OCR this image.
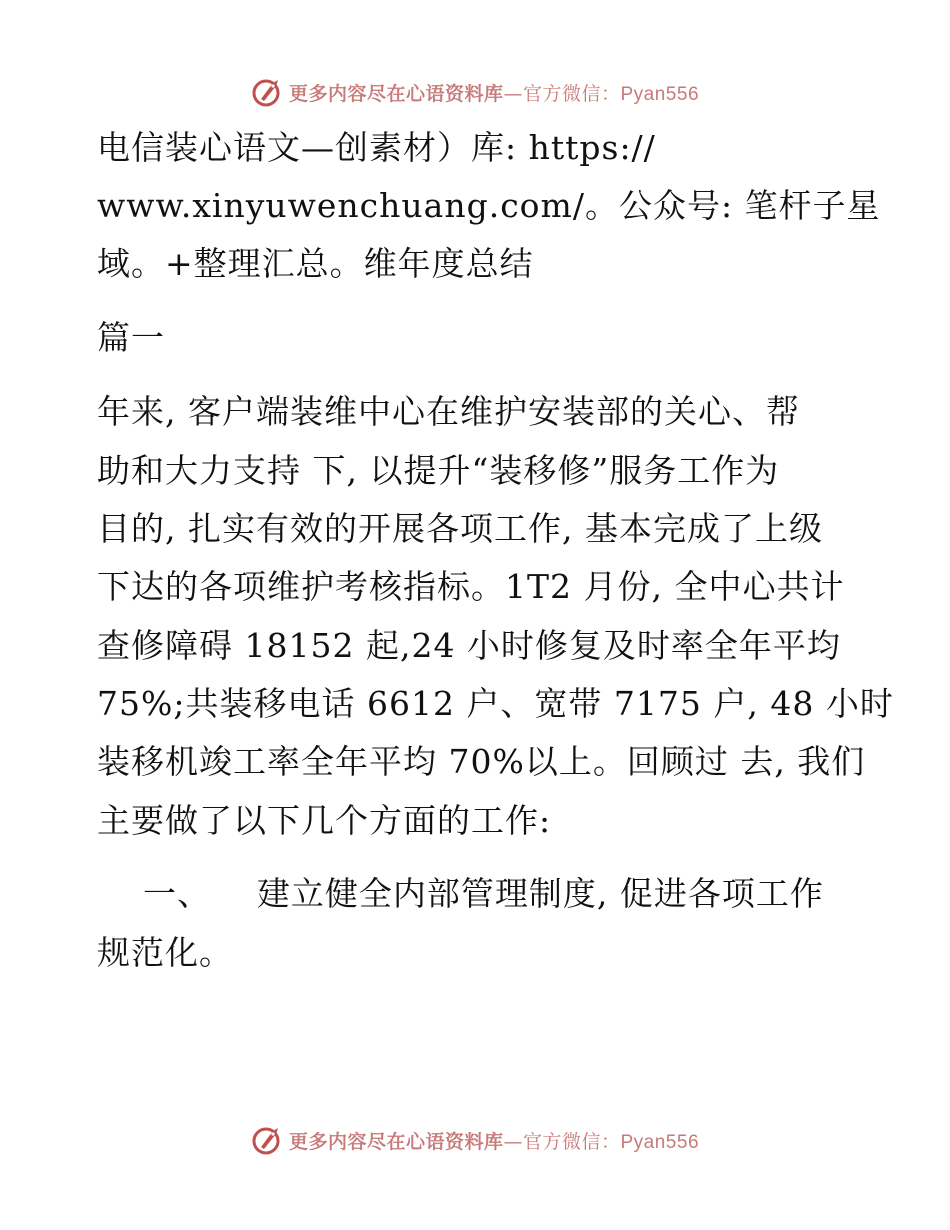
更多内容尽在心语资料库—官方微信：Pyan556
电信装心语文—创素材）库: https://
www.xinyuwenchuang.com/。公众号: 笔杆子星
域。+整理汇总。维年度总结
篇一
年来, 客户端装维中心在维护安装部的关心、帮
助和大力支持 下, 以提升“装移修”服务工作为
目的, 扎实有效的开展各项工作, 基本完成了上级
下达的各项维护考核指标。1T2 月份, 全中心共计
查修障碍 18152 起,24 小时修复及时率全年平均
75%;共装移电话 6612 户、宽带 7175 户, 48 小时
装移机竣工率全年平均 70%以上。回顾过 去, 我们
主要做了以下几个方面的工作:
一、    建立健全内部管理制度, 促进各项工作
规范化。
更多内容尽在心语资料库—官方微信：Pyan556
